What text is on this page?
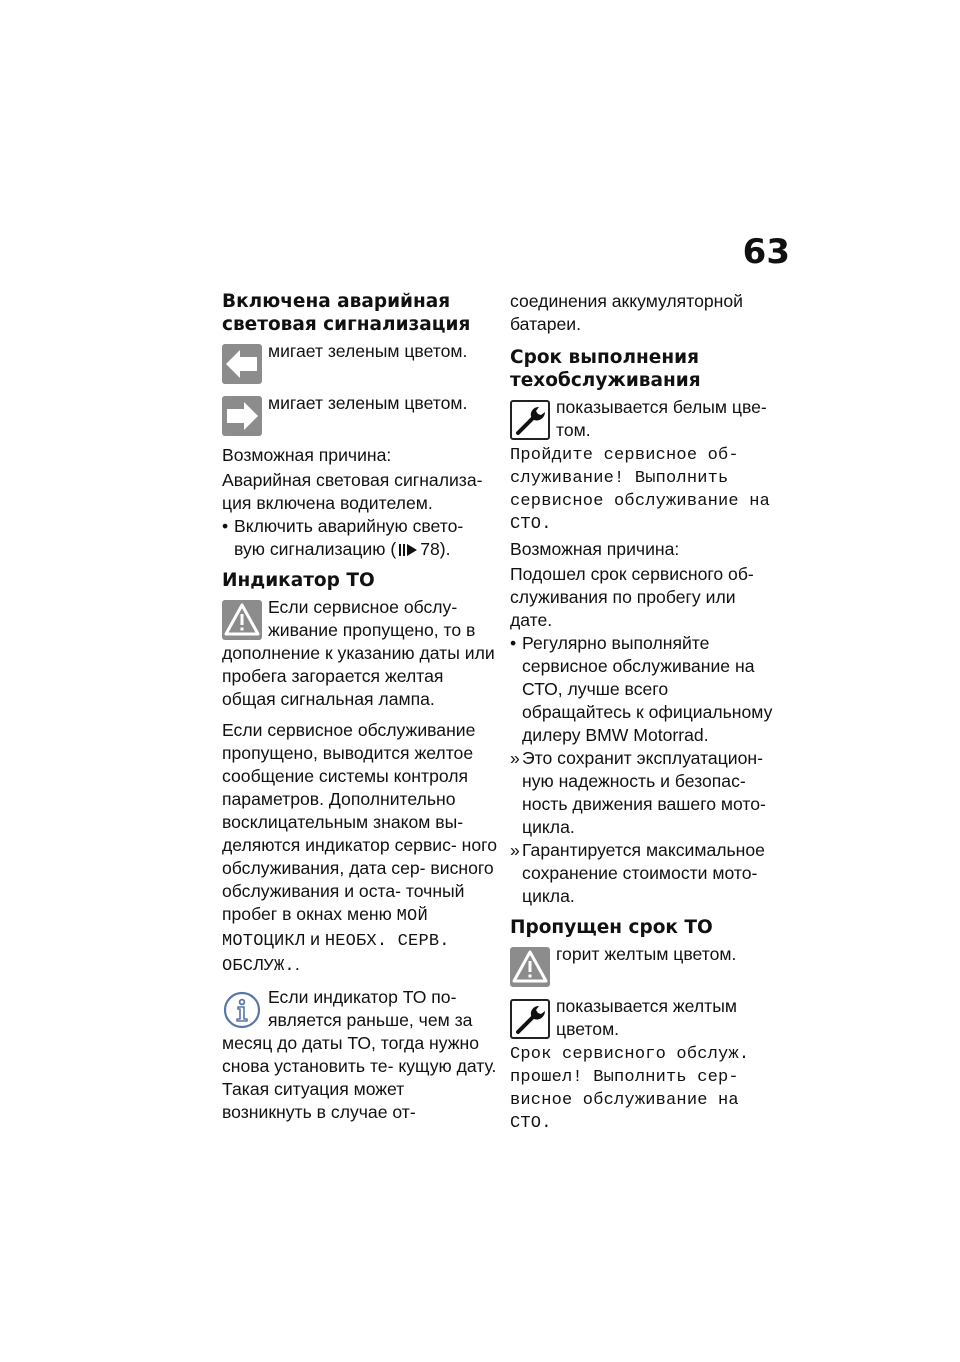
63
Включена аварийная
световая сигнализация
мигает зеленым цветом.
мигает зеленым цветом.

Возможная причина:

Аварийная световая сигнализа- ция включена водителем.

• Включить аварийную свето- вую сигнализацию ( 78).

Индикатор ТО
Если сервисное обслу- живание пропущено, то в дополнение к указанию даты или пробега загорается желтая общая сигнальная лампа.

Если сервисное обслуживание пропущено, выводится желтое сообщение системы контроля параметров. Дополнительно восклицательным знаком вы- деляются индикатор сервис- ного обслуживания, дата сер- висного обслуживания и оста- точный пробег в окнах меню МОЙ МОТОЦИКЛ и НЕОБХ. СЕРВ. ОБСЛУЖ..

Если индикатор ТО по- является раньше, чем за месяц до даты ТО, тогда нужно снова установить те- кущую дату. Такая ситуация может возникнуть в случае от-

соединения аккумуляторной батареи.

Срок выполнения
техобслуживания
показывается белым цве- том.

Пройдите сервисное об- служивание! Выполнить сервисное обслуживание на СТО.

Возможная причина:

Подошел срок сервисного об- служивания по пробегу или дате.

• Регулярно выполняйте сервисное обслуживание на СТО, лучше всего обращайтесь к официальному дилеру BMW Motorrad.

» Это сохранит эксплуатацион- ную надежность и безопас- ность движения вашего мото- цикла.

» Гарантируется максимальное сохранение стоимости мото- цикла.

Пропущен срок ТО
горит желтым цветом.
показывается желтым цветом.

Срок сервисного обслуж. прошел! Выполнить сер- висное обслуживание на СТО.
